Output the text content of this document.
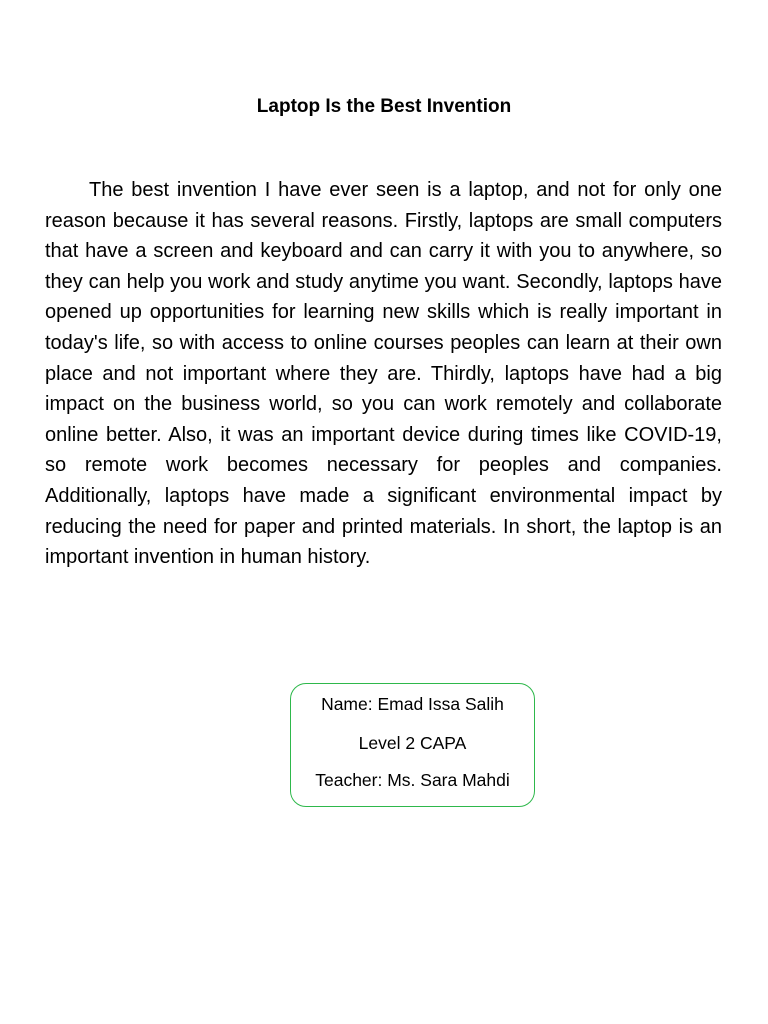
Laptop Is the Best Invention

The best invention I have ever seen is a laptop, and not for only one reason because it has several reasons. Firstly, laptops are small computers that have a screen and keyboard and can carry it with you to anywhere, so they can help you work and study anytime you want. Secondly, laptops have opened up opportunities for learning new skills which is really important in today's life, so with access to online courses peoples can learn at their own place and not important where they are. Thirdly, laptops have had a big impact on the business world, so you can work remotely and collaborate online better. Also, it was an important device during times like COVID-19, so remote work becomes necessary for peoples and companies. Additionally, laptops have made a significant environmental impact by reducing the need for paper and printed materials. In short, the laptop is an important invention in human history.

Name: Emad Issa Salih
Level 2 CAPA
Teacher: Ms. Sara Mahdi
